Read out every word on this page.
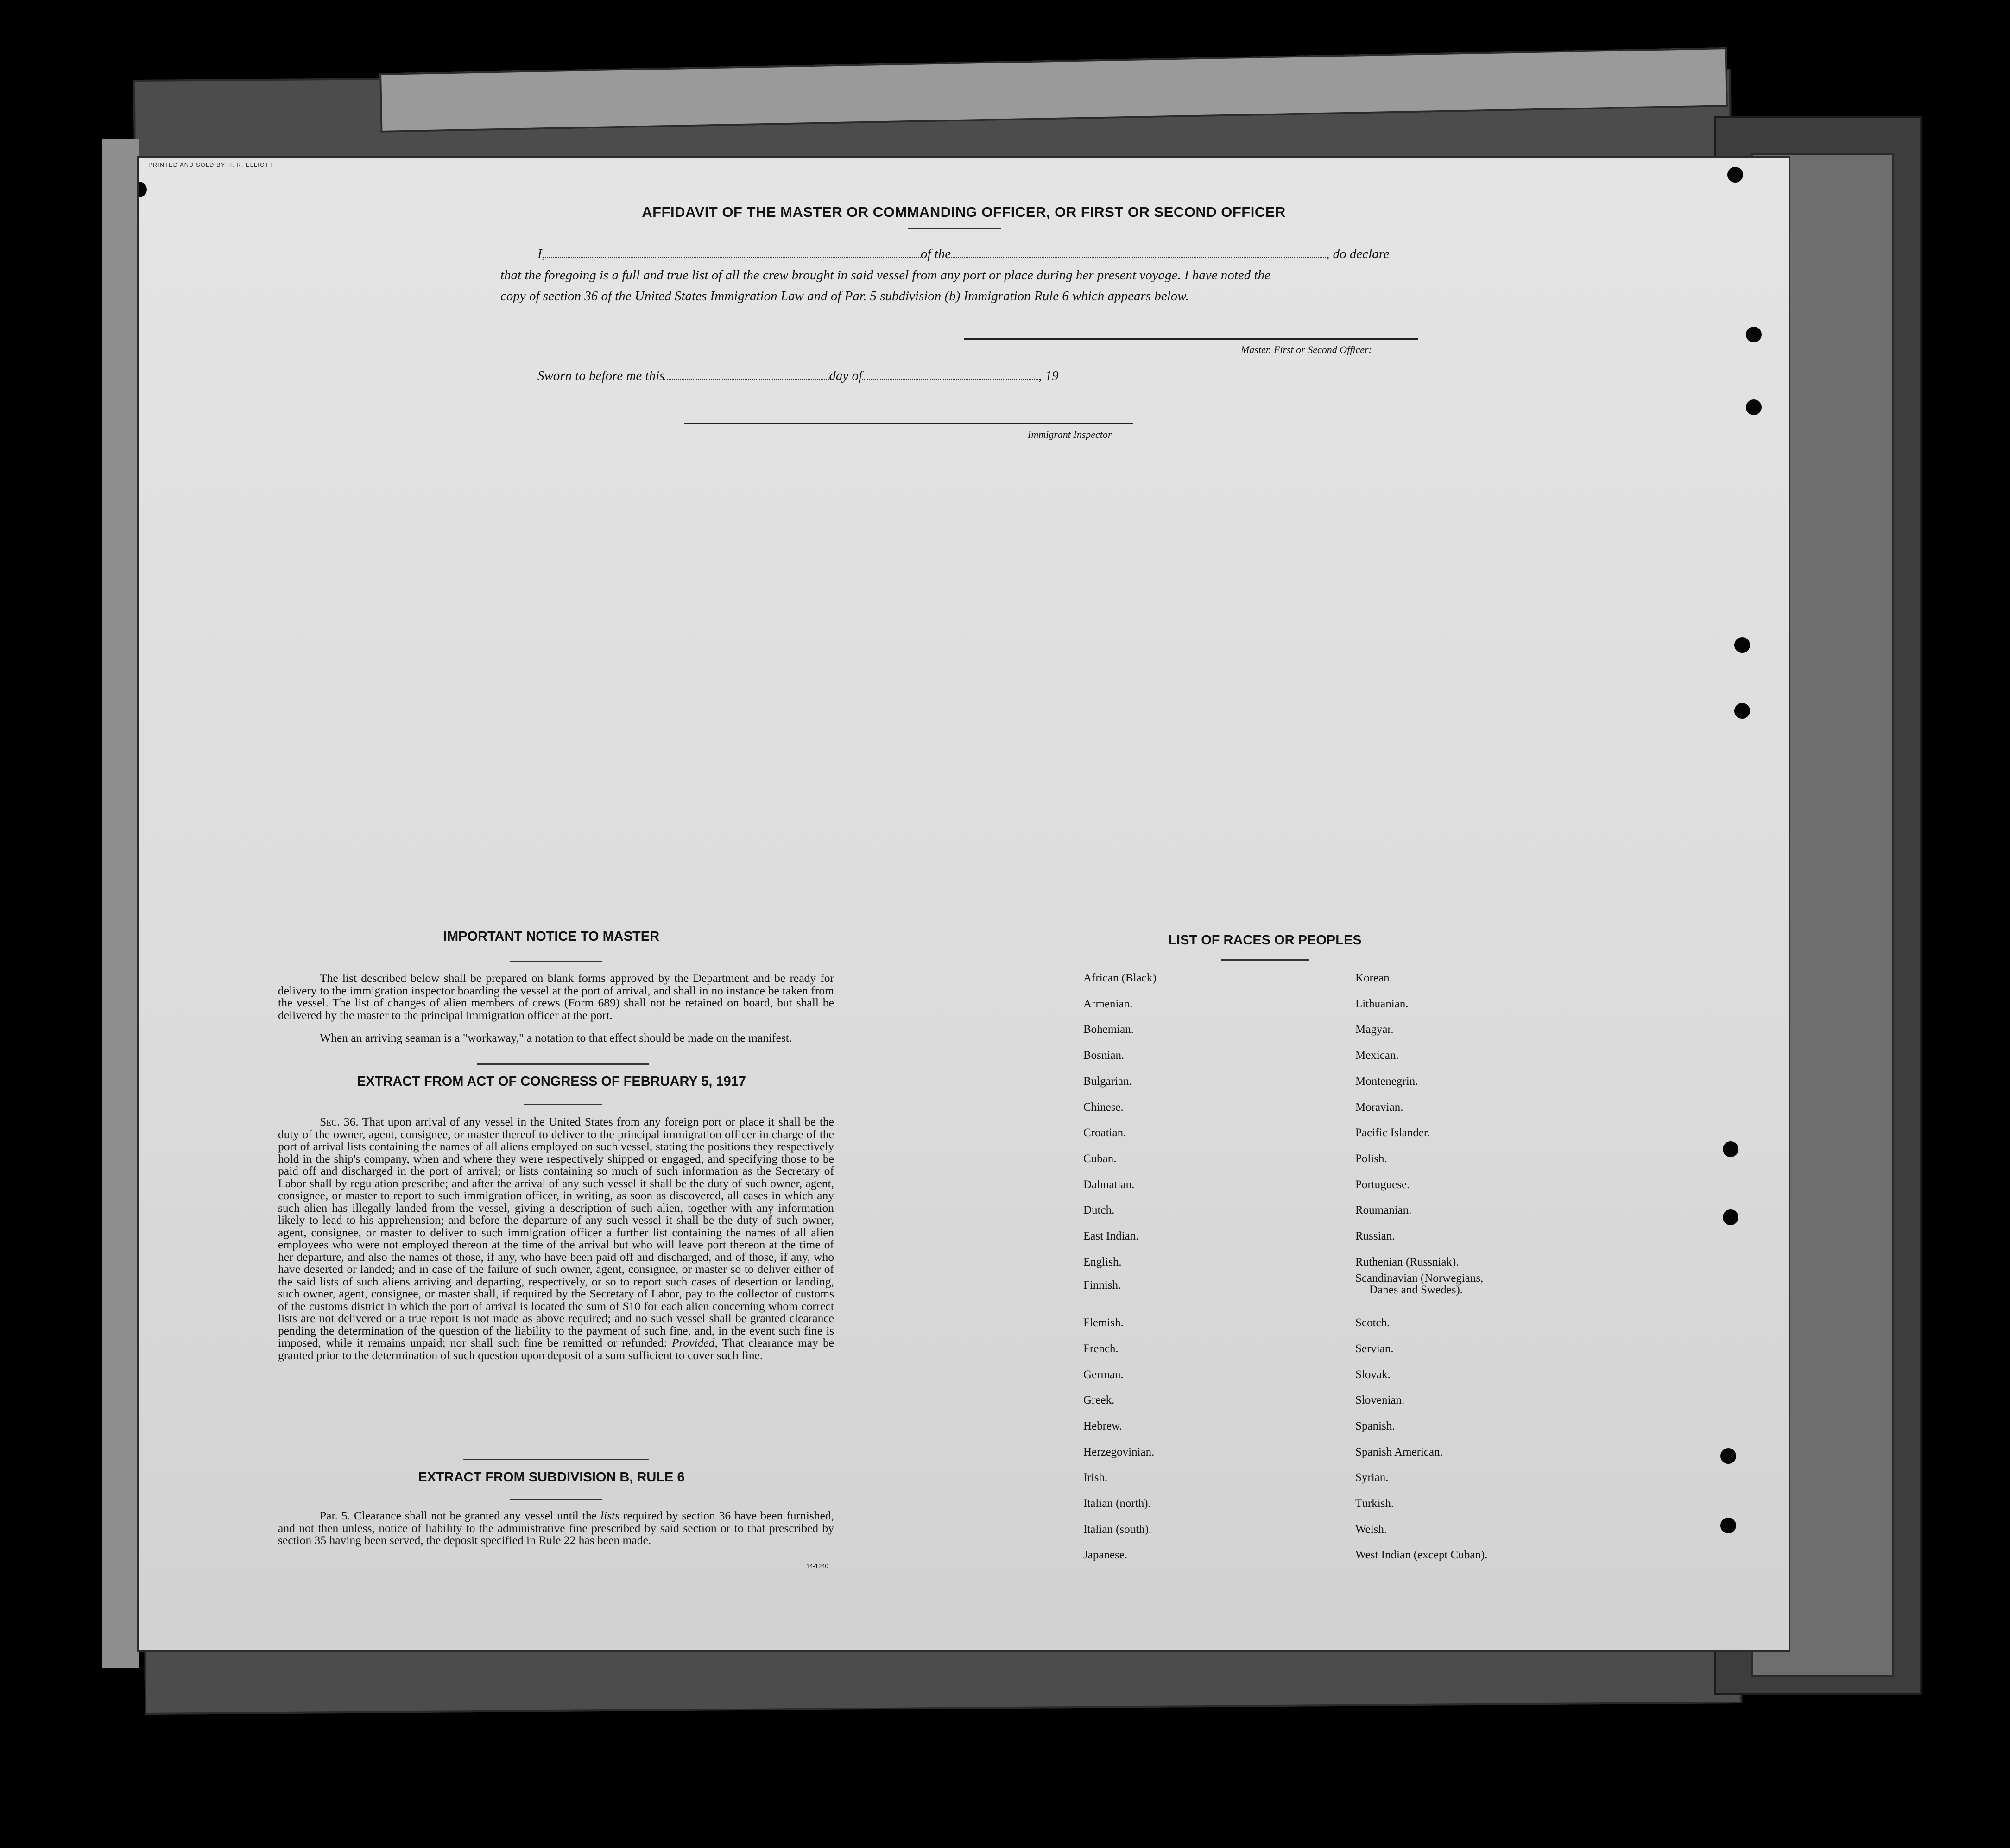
PRINTED AND SOLD BY H. R. ELLIOTT
AFFIDAVIT OF THE MASTER OR COMMANDING OFFICER, OR FIRST OR SECOND OFFICER
I,	of the	, do declare
that the foregoing is a full and true list of all the crew brought in said vessel from any port or place during her present voyage. I have noted the
copy of section 36 of the United States Immigration Law and of Par. 5 subdivision (b) Immigration Rule 6 which appears below.
Master, First or Second Officer:
Sworn to before me this	day of	, 19
Immigrant Inspector
IMPORTANT NOTICE TO MASTER

The list described below shall be prepared on blank forms approved by the Department and be ready for delivery to the immigration inspector boarding the vessel at the port of arrival, and shall in no instance be taken from the vessel. The list of changes of alien members of crews (Form 689) shall not be retained on board, but shall be delivered by the master to the principal immigration officer at the port.

When an arriving seaman is a "workaway," a notation to that effect should be made on the manifest.

EXTRACT FROM ACT OF CONGRESS OF FEBRUARY 5, 1917

Sec. 36. That upon arrival of any vessel in the United States from any foreign port or place it shall be the duty of the owner, agent, consignee, or master thereof to deliver to the principal immigration officer in charge of the port of arrival lists containing the names of all aliens employed on such vessel, stating the positions they respectively hold in the ship's company, when and where they were respectively shipped or engaged, and specifying those to be paid off and discharged in the port of arrival; or lists containing so much of such information as the Secretary of Labor shall by regulation prescribe; and after the arrival of any such vessel it shall be the duty of such owner, agent, consignee, or master to report to such immigration officer, in writing, as soon as discovered, all cases in which any such alien has illegally landed from the vessel, giving a description of such alien, together with any information likely to lead to his apprehension; and before the departure of any such vessel it shall be the duty of such owner, agent, consignee, or master to deliver to such immigration officer a further list containing the names of all alien employees who were not employed thereon at the time of the arrival but who will leave port thereon at the time of her departure, and also the names of those, if any, who have been paid off and discharged, and of those, if any, who have deserted or landed; and in case of the failure of such owner, agent, consignee, or master so to deliver either of the said lists of such aliens arriving and departing, respectively, or so to report such cases of desertion or landing, such owner, agent, consignee, or master shall, if required by the Secretary of Labor, pay to the collector of customs of the customs district in which the port of arrival is located the sum of $10 for each alien concerning whom correct lists are not delivered or a true report is not made as above required; and no such vessel shall be granted clearance pending the determination of the question of the liability to the payment of such fine, and, in the event such fine is imposed, while it remains unpaid; nor shall such fine be remitted or refunded: Provided, That clearance may be granted prior to the determination of such question upon deposit of a sum sufficient to cover such fine.

EXTRACT FROM SUBDIVISION B, RULE 6

Par. 5. Clearance shall not be granted any vessel until the lists required by section 36 have been furnished, and not then unless, notice of liability to the administrative fine prescribed by said section or to that prescribed by section 35 having been served, the deposit specified in Rule 22 has been made.

14-1240
LIST OF RACES OR PEOPLES
African (Black)
Armenian.
Bohemian.
Bosnian.
Bulgarian.
Chinese.
Croatian.
Cuban.
Dalmatian.
Dutch.
East Indian.
English.
Finnish.
Flemish.
French.
German.
Greek.
Hebrew.
Herzegovinian.
Irish.
Italian (north).
Italian (south).
Japanese.
Korean.
Lithuanian.
Magyar.
Mexican.
Montenegrin.
Moravian.
Pacific Islander.
Polish.
Portuguese.
Roumanian.
Russian.
Ruthenian (Russniak).
Scandinavian (Norwegians,
Danes and Swedes).
Scotch.
Servian.
Slovak.
Slovenian.
Spanish.
Spanish American.
Syrian.
Turkish.
Welsh.
West Indian (except Cuban).
